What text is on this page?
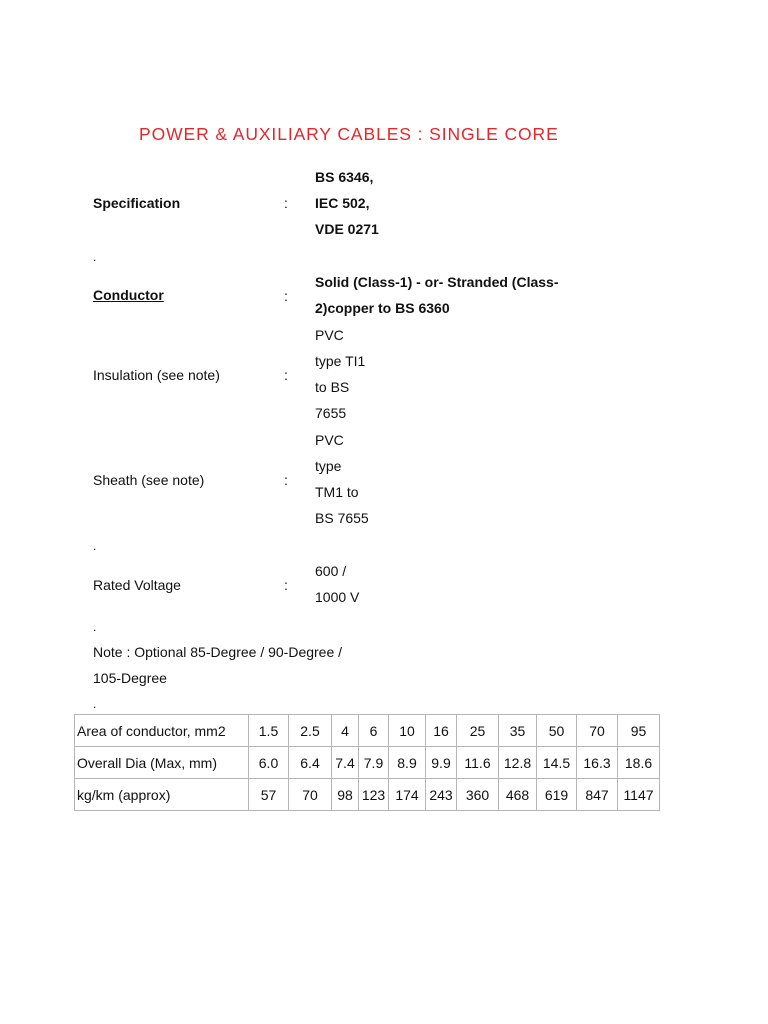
POWER & AUXILIARY CABLES : SINGLE CORE
Specification	:
BS 6346,
IEC 502,
VDE 0271
.
Conductor	:
Solid (Class-1) - or- Stranded (Class-
2)copper to BS 6360
Insulation (see note)	:
PVC
type TI1
to BS
7655
Sheath (see note)	:
PVC
type
TM1 to
BS 7655
.
Rated Voltage	:
600 /
1000 V
.
Note : Optional 85-Degree / 90-Degree /
105-Degree
.
Area of conductor, mm2	1.5	2.5	4	6	10	16	25	35	50	70	95
Overall Dia (Max, mm)	6.0	6.4	7.4	7.9	8.9	9.9	11.6	12.8	14.5	16.3	18.6
kg/km (approx)	57	70	98	123	174	243	360	468	619	847	1147
